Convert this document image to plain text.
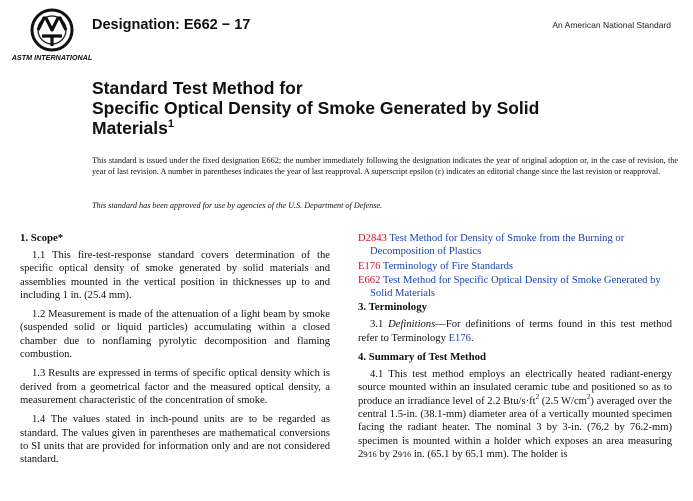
ASTM INTERNATIONAL
Designation: E662 − 17	An American National Standard
Standard Test Method for
Specific Optical Density of Smoke Generated by Solid
Materials$^1$

This standard is issued under the fixed designation E662; the number immediately following the designation indicates the year of original adoption or, in the case of revision, the year of last revision. A number in parentheses indicates the year of last reapproval. A superscript epsilon (ε) indicates an editorial change since the last revision or reapproval.

This standard has been approved for use by agencies of the U.S. Department of Defense.

1. Scope*

1.1 This fire-test-response standard covers determination of the specific optical density of smoke generated by solid materials and assemblies mounted in the vertical position in thicknesses up to and including 1 in. (25.4 mm).

1.2 Measurement is made of the attenuation of a light beam by smoke (suspended solid or liquid particles) accumulating within a closed chamber due to nonflaming pyrolytic decomposition and flaming combustion.

1.3 Results are expressed in terms of specific optical density which is derived from a geometrical factor and the measured optical density, a measurement characteristic of the concentration of smoke.

1.4 The values stated in inch-pound units are to be regarded as standard. The values given in parentheses are mathematical conversions to SI units that are provided for information only and are not considered standard.

D2843 Test Method for Density of Smoke from the Burning or Decomposition of Plastics
E176 Terminology of Fire Standards
E662 Test Method for Specific Optical Density of Smoke Generated by Solid Materials
3. Terminology

3.1 Definitions—For definitions of terms found in this test method refer to Terminology E176.

4. Summary of Test Method

4.1 This test method employs an electrically heated radiant-energy source mounted within an insulated ceramic tube and positioned so as to produce an irradiance level of 2.2 Btu/$s\cdot ft^2$ (2.5 $W/cm^2$) averaged over the central 1.5-in. (38.1-mm) diameter area of a vertically mounted specimen facing the radiant heater. The nominal 3 by 3-in. (76.2 by 76.2-mm) specimen is mounted within a holder which exposes an area measuring 29⁄16 by 29⁄16 in. (65.1 by 65.1 mm). The holder is
